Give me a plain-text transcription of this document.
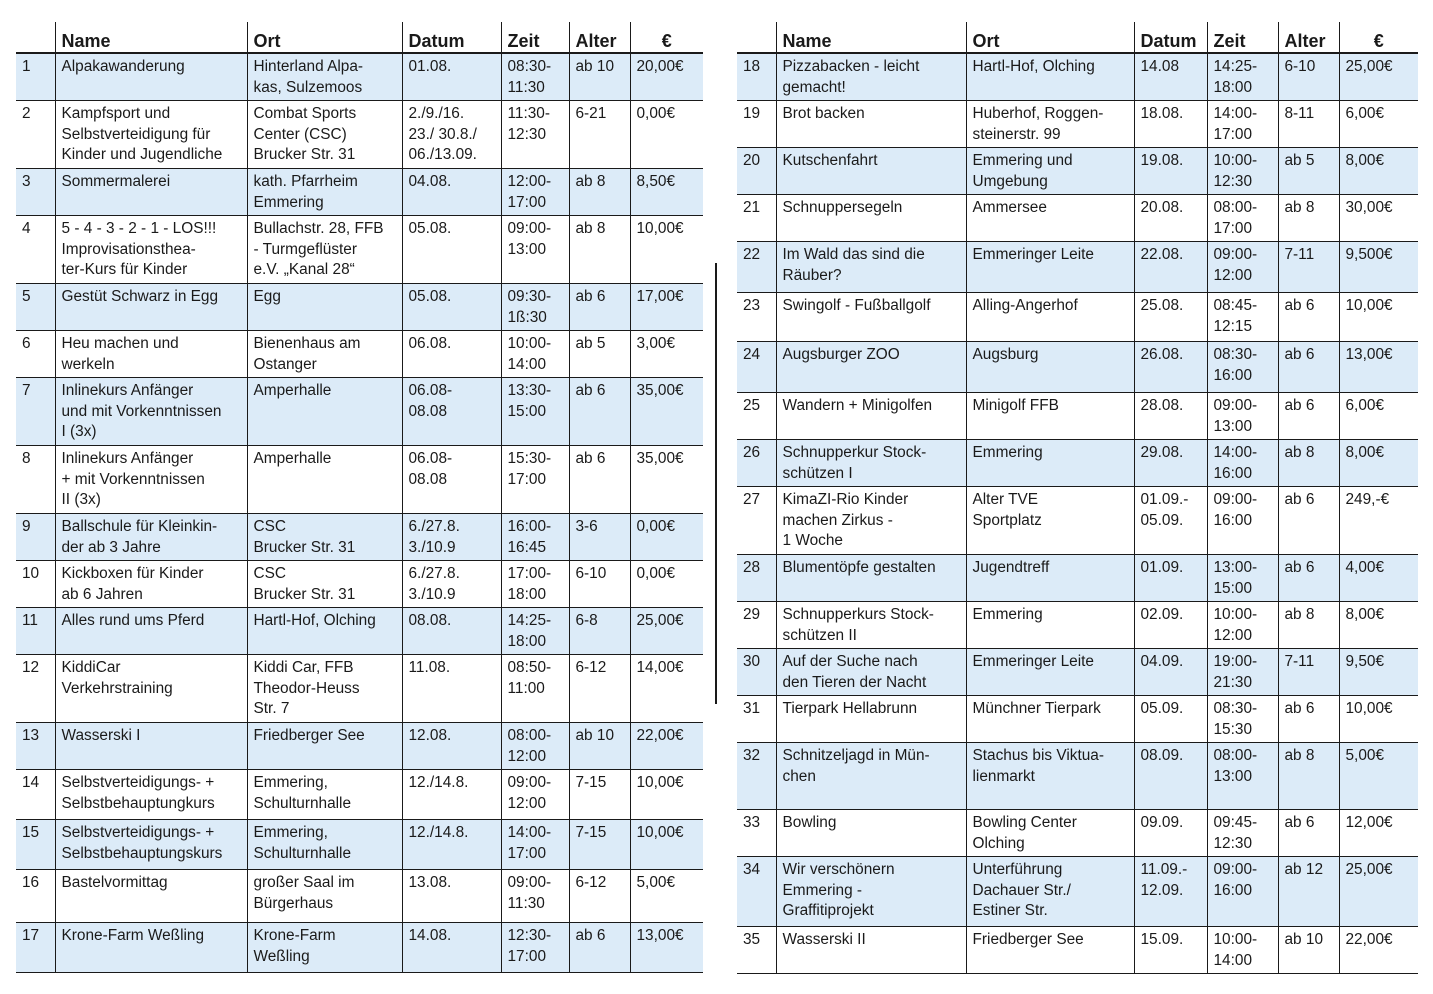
	Name	Ort	Datum	Zeit	Alter	€
1	Alpakawanderung	Hinterland Alpa-
kas, Sulzemoos	01.08.	08:30-
11:30	ab 10	20,00€
2	Kampfsport und
Selbstverteidigung für
Kinder und Jugendliche	Combat Sports
Center (CSC)
Brucker Str. 31	2./9./16.
23./ 30.8./
06./13.09.	11:30-
12:30	6-21	0,00€
3	Sommermalerei	kath. Pfarrheim
Emmering	04.08.	12:00-
17:00	ab 8	8,50€
4	5 - 4 - 3 - 2 - 1 - LOS!!!
Improvisationsthea-
ter-Kurs für Kinder	Bullachstr. 28, FFB
- Turmgeflüster
e.V. „Kanal 28“	05.08.	09:00-
13:00	ab 8	10,00€
5	Gestüt Schwarz in Egg	Egg	05.08.	09:30-
1ß:30	ab 6	17,00€
6	Heu machen und
werkeln	Bienenhaus am
Ostanger	06.08.	10:00-
14:00	ab 5	3,00€
7	Inlinekurs Anfänger
und mit Vorkenntnissen
I (3x)	Amperhalle	06.08-
08.08	13:30-
15:00	ab 6	35,00€
8	Inlinekurs Anfänger
+ mit Vorkenntnissen
II (3x)	Amperhalle	06.08-
08.08	15:30-
17:00	ab 6	35,00€
9	Ballschule für Kleinkin-
der ab 3 Jahre	CSC
Brucker Str. 31	6./27.8.
3./10.9	16:00-
16:45	3-6	0,00€
10	Kickboxen für Kinder
ab 6 Jahren	CSC
Brucker Str. 31	6./27.8.
3./10.9	17:00-
18:00	6-10	0,00€
11	Alles rund ums Pferd	Hartl-Hof, Olching	08.08.	14:25-
18:00	6-8	25,00€
12	KiddiCar
Verkehrstraining	Kiddi Car, FFB
Theodor-Heuss
Str. 7	11.08.	08:50-
11:00	6-12	14,00€
13	Wasserski I	Friedberger See	12.08.	08:00-
12:00	ab 10	22,00€
14	Selbstverteidigungs- +
Selbstbehauptungkurs	Emmering,
Schulturnhalle	12./14.8.	09:00-
12:00	7-15	10,00€
15	Selbstverteidigungs- +
Selbstbehauptungskurs	Emmering,
Schulturnhalle	12./14.8.	14:00-
17:00	7-15	10,00€
16	Bastelvormittag	großer Saal im
Bürgerhaus	13.08.	09:00-
11:30	6-12	5,00€
17	Krone-Farm Weßling	Krone-Farm
Weßling	14.08.	12:30-
17:00	ab 6	13,00€
	Name	Ort	Datum	Zeit	Alter	€
18	Pizzabacken - leicht
gemacht!	Hartl-Hof, Olching	14.08	14:25-
18:00	6-10	25,00€
19	Brot backen	Huberhof, Roggen-
steinerstr. 99	18.08.	14:00-
17:00	8-11	6,00€
20	Kutschenfahrt	Emmering und
Umgebung	19.08.	10:00-
12:30	ab 5	8,00€
21	Schnuppersegeln	Ammersee	20.08.	08:00-
17:00	ab 8	30,00€
22	Im Wald das sind die
Räuber?	Emmeringer Leite	22.08.	09:00-
12:00	7-11	9,500€
23	Swingolf - Fußballgolf	Alling-Angerhof	25.08.	08:45-
12:15	ab 6	10,00€
24	Augsburger ZOO	Augsburg	26.08.	08:30-
16:00	ab 6	13,00€
25	Wandern + Minigolfen	Minigolf FFB	28.08.	09:00-
13:00	ab 6	6,00€
26	Schnupperkur Stock-
schützen I	Emmering	29.08.	14:00-
16:00	ab 8	8,00€
27	KimaZI-Rio Kinder
machen Zirkus -
1 Woche	Alter TVE
Sportplatz	01.09.-
05.09.	09:00-
16:00	ab 6	249,-€
28	Blumentöpfe gestalten	Jugendtreff	01.09.	13:00-
15:00	ab 6	4,00€
29	Schnupperkurs Stock-
schützen II	Emmering	02.09.	10:00-
12:00	ab 8	8,00€
30	Auf der Suche nach
den Tieren der Nacht	Emmeringer Leite	04.09.	19:00-
21:30	7-11	9,50€
31	Tierpark Hellabrunn	Münchner Tierpark	05.09.	08:30-
15:30	ab 6	10,00€
32	Schnitzeljagd in Mün-
chen	Stachus bis Viktua-
lienmarkt	08.09.	08:00-
13:00	ab 8	5,00€
33	Bowling	Bowling Center
Olching	09.09.	09:45-
12:30	ab 6	12,00€
34	Wir verschönern
Emmering -
Graffitiprojekt	Unterführung
Dachauer Str./
Estiner Str.	11.09.-
12.09.	09:00-
16:00	ab 12	25,00€
35	Wasserski II	Friedberger See	15.09.	10:00-
14:00	ab 10	22,00€
